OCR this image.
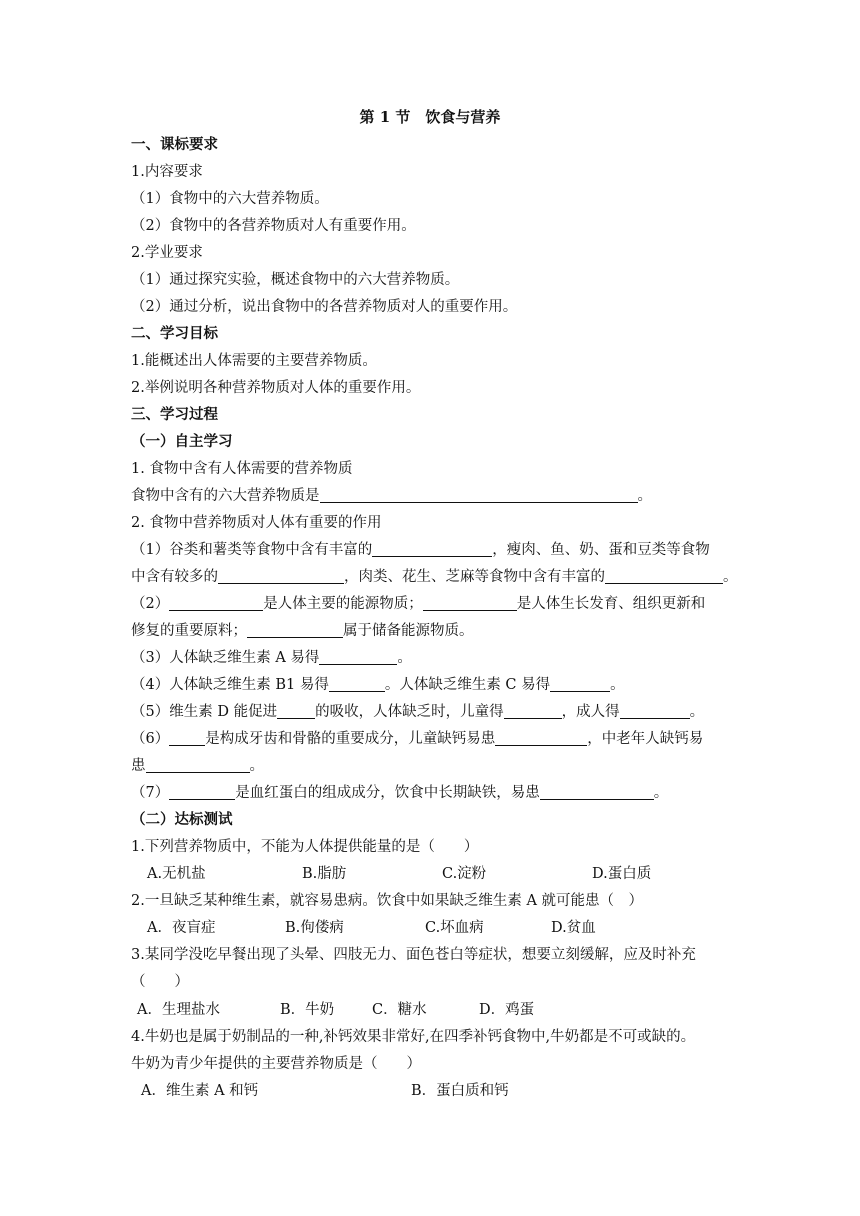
第 1 节　饮食与营养
一、课标要求
1.内容要求
（1）食物中的六大营养物质。
（2）食物中的各营养物质对人有重要作用。
2.学业要求
（1）通过探究实验，概述食物中的六大营养物质。
（2）通过分析，说出食物中的各营养物质对人的重要作用。
二、学习目标
1.能概述出人体需要的主要营养物质。
2.举例说明各种营养物质对人体的重要作用。
三、学习过程
（一）自主学习
1. 食物中含有人体需要的营养物质
食物中含有的六大营养物质是	。
2. 食物中营养物质对人体有重要的作用
（1）谷类和薯类等食物中含有丰富的	，瘦肉、鱼、奶、蛋和豆类等食物
中含有较多的	，肉类、花生、芝麻等食物中含有丰富的	。
（2）	是人体主要的能源物质；	是人体生长发育、组织更新和
修复的重要原料；	属于储备能源物质。
（3）人体缺乏维生素 A 易得	。
（4）人体缺乏维生素 B1 易得	。人体缺乏维生素 C 易得	。
（5）维生素 D 能促进	的吸收，人体缺乏时，儿童得	，成人得	。
（6） 是构成牙齿和骨骼的重要成分，儿童缺钙易患	，中老年人缺钙易
患	。
（7）	是血红蛋白的组成成分，饮食中长期缺铁，易患	。
（二）达标测试
1.下列营养物质中，不能为人体提供能量的是（　　）
A.无机盐	B.脂肪	C.淀粉	D.蛋白质
2.一旦缺乏某种维生素，就容易患病。饮食中如果缺乏维生素 A 就可能患（　）
A．夜盲症	B.佝偻病	C.坏血病	D.贫血
3.某同学没吃早餐出现了头晕、四肢无力、面色苍白等症状，想要立刻缓解，应及时补充
（　　）
A．生理盐水	B．牛奶	C．糖水	D．鸡蛋
4.牛奶也是属于奶制品的一种,补钙效果非常好,在四季补钙食物中,牛奶都是不可或缺的。
牛奶为青少年提供的主要营养物质是（　　）
A．维生素 A 和钙	B．蛋白质和钙
